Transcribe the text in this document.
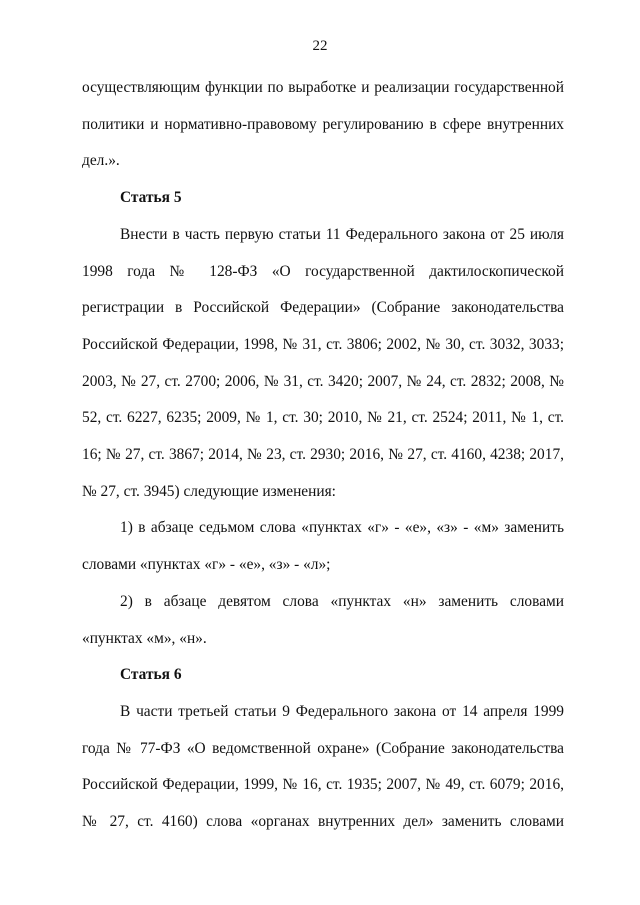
22

осуществляющим функции по выработке и реализации государственной политики и нормативно-правовому регулированию в сфере внутренних дел.».

Статья 5

Внести в часть первую статьи 11 Федерального закона от 25 июля 1998 года № 128-ФЗ «О государственной дактилоскопической регистрации в Российской Федерации» (Собрание законодательства Российской Федерации, 1998, № 31, ст. 3806; 2002, № 30, ст. 3032, 3033; 2003, № 27, ст. 2700; 2006, № 31, ст. 3420; 2007, № 24, ст. 2832; 2008, № 52, ст. 6227, 6235; 2009, № 1, ст. 30; 2010, № 21, ст. 2524; 2011, № 1, ст. 16; № 27, ст. 3867; 2014, № 23, ст. 2930; 2016, № 27, ст. 4160, 4238; 2017, № 27, ст. 3945) следующие изменения:

1) в абзаце седьмом слова «пунктах «г» - «е», «з» - «м» заменить словами «пунктах «г» - «е», «з» - «л»;

2) в абзаце девятом слова «пунктах «н» заменить словами «пунктах «м», «н».

Статья 6

В части третьей статьи 9 Федерального закона от 14 апреля 1999 года № 77-ФЗ «О ведомственной охране» (Собрание законодательства Российской Федерации, 1999, № 16, ст. 1935; 2007, № 49, ст. 6079; 2016, № 27, ст. 4160) слова «органах внутренних дел» заменить словами
